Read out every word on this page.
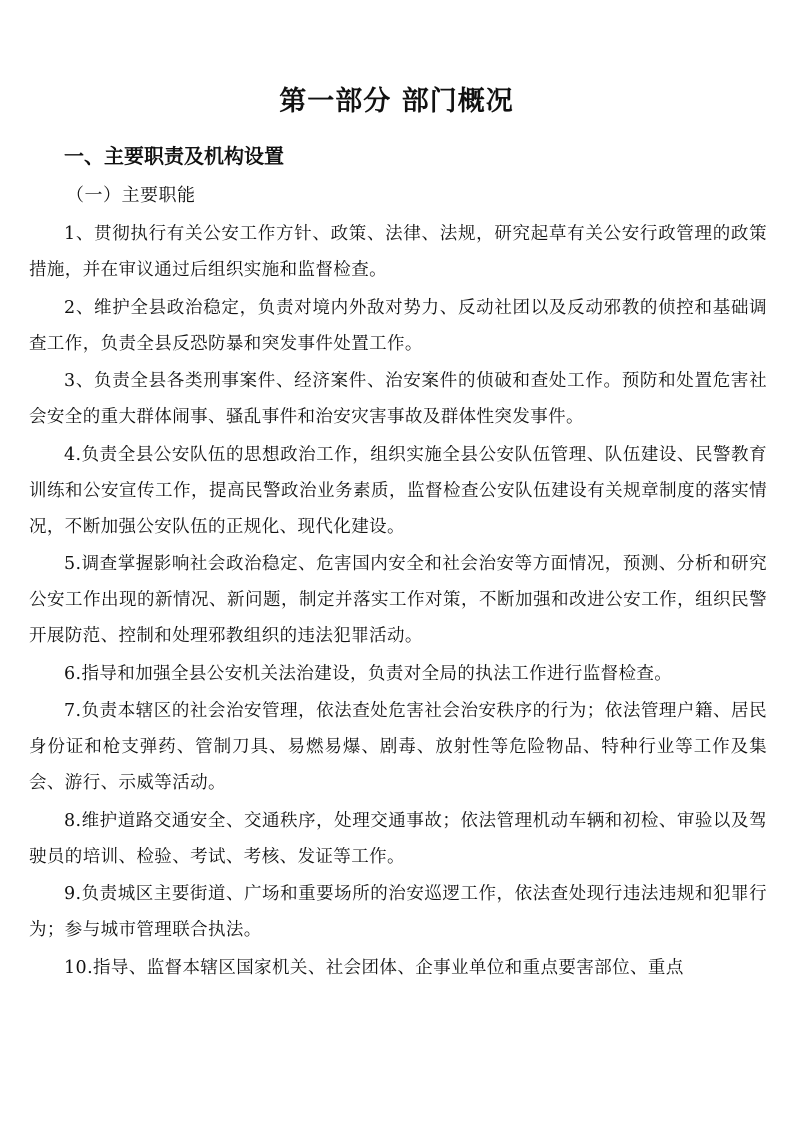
第一部分 部门概况
一、主要职责及机构设置
（一）主要职能

1、贯彻执行有关公安工作方针、政策、法律、法规，研究起草有关公安行政管理的政策措施，并在审议通过后组织实施和监督检查。

2、维护全县政治稳定，负责对境内外敌对势力、反动社团以及反动邪教的侦控和基础调查工作，负责全县反恐防暴和突发事件处置工作。

3、负责全县各类刑事案件、经济案件、治安案件的侦破和查处工作。预防和处置危害社会安全的重大群体闹事、骚乱事件和治安灾害事故及群体性突发事件。

4.负责全县公安队伍的思想政治工作，组织实施全县公安队伍管理、队伍建设、民警教育训练和公安宣传工作，提高民警政治业务素质，监督检查公安队伍建设有关规章制度的落实情况，不断加强公安队伍的正规化、现代化建设。

5.调查掌握影响社会政治稳定、危害国内安全和社会治安等方面情况，预测、分析和研究公安工作出现的新情况、新问题，制定并落实工作对策，不断加强和改进公安工作，组织民警开展防范、控制和处理邪教组织的违法犯罪活动。

6.指导和加强全县公安机关法治建设，负责对全局的执法工作进行监督检查。

7.负责本辖区的社会治安管理，依法查处危害社会治安秩序的行为；依法管理户籍、居民身份证和枪支弹药、管制刀具、易燃易爆、剧毒、放射性等危险物品、特种行业等工作及集会、游行、示威等活动。

8.维护道路交通安全、交通秩序，处理交通事故；依法管理机动车辆和初检、审验以及驾驶员的培训、检验、考试、考核、发证等工作。

9.负责城区主要街道、广场和重要场所的治安巡逻工作，依法查处现行违法违规和犯罪行为；参与城市管理联合执法。

10.指导、监督本辖区国家机关、社会团体、企事业单位和重点要害部位、重点
